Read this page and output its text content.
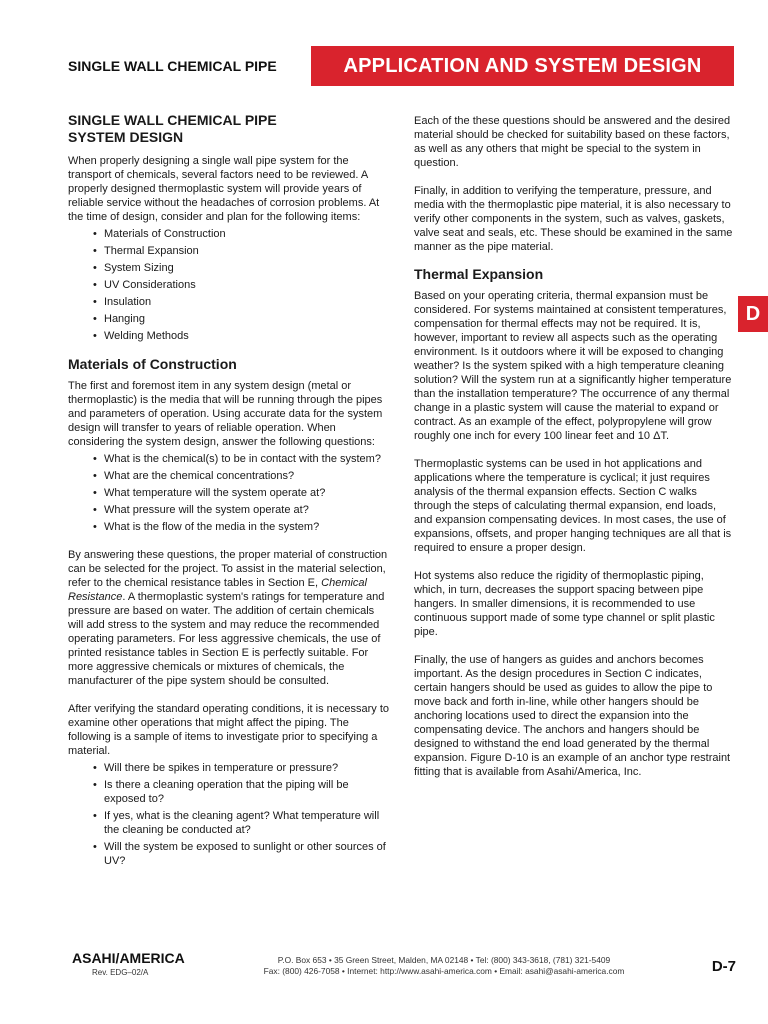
SINGLE WALL CHEMICAL PIPE	APPLICATION AND SYSTEM DESIGN
D
SINGLE WALL CHEMICAL PIPE
SYSTEM DESIGN

When properly designing a single wall pipe system for the transport of chemicals, several factors need to be reviewed. A properly designed thermoplastic system will provide years of reliable service without the headaches of corrosion problems. At the time of design, consider and plan for the following items:

• Materials of Construction
• Thermal Expansion
• System Sizing
• UV Considerations
• Insulation
• Hanging
• Welding Methods
Materials of Construction

The first and foremost item in any system design (metal or thermoplastic) is the media that will be running through the pipes and parameters of operation. Using accurate data for the system design will transfer to years of reliable operation. When considering the system design, answer the following questions:

• What is the chemical(s) to be in contact with the system?
• What are the chemical concentrations?
• What temperature will the system operate at?
• What pressure will the system operate at?
• What is the flow of the media in the system?

By answering these questions, the proper material of construction can be selected for the project. To assist in the material selection, refer to the chemical resistance tables in Section E, Chemical Resistance. A thermoplastic system's ratings for temperature and pressure are based on water. The addition of certain chemicals will add stress to the system and may reduce the recommended operating parameters. For less aggressive chemicals, the use of printed resistance tables in Section E is perfectly suitable. For more aggressive chemicals or mixtures of chemicals, the manufacturer of the pipe system should be consulted.

After verifying the standard operating conditions, it is necessary to examine other operations that might affect the piping. The following is a sample of items to investigate prior to specifying a material.

• Will there be spikes in temperature or pressure?
• Is there a cleaning operation that the piping will be exposed to?
• If yes, what is the cleaning agent? What temperature will the cleaning be conducted at?
• Will the system be exposed to sunlight or other sources of UV?

Each of the these questions should be answered and the desired material should be checked for suitability based on these factors, as well as any others that might be special to the system in question.

Finally, in addition to verifying the temperature, pressure, and media with the thermoplastic pipe material, it is also necessary to verify other components in the system, such as valves, gaskets, valve seat and seals, etc. These should be examined in the same manner as the pipe material.

Thermal Expansion

Based on your operating criteria, thermal expansion must be considered. For systems maintained at consistent temperatures, compensation for thermal effects may not be required. It is, however, important to review all aspects such as the operating environment. Is it outdoors where it will be exposed to changing weather? Is the system spiked with a high temperature cleaning solution? Will the system run at a significantly higher temperature than the installation temperature? The occurrence of any thermal change in a plastic system will cause the material to expand or contract. As an example of the effect, polypropylene will grow roughly one inch for every 100 linear feet and 10 ΔT.

Thermoplastic systems can be used in hot applications and applications where the temperature is cyclical; it just requires analysis of the thermal expansion effects. Section C walks through the steps of calculating thermal expansion, end loads, and expansion compensating devices. In most cases, the use of expansions, offsets, and proper hanging techniques are all that is required to ensure a proper design.

Hot systems also reduce the rigidity of thermoplastic piping, which, in turn, decreases the support spacing between pipe hangers. In smaller dimensions, it is recommended to use continuous support made of some type channel or split plastic pipe.

Finally, the use of hangers as guides and anchors becomes important. As the design procedures in Section C indicates, certain hangers should be used as guides to allow the pipe to move back and forth in-line, while other hangers should be anchoring locations used to direct the expansion into the compensating device. The anchors and hangers should be designed to withstand the end load generated by the thermal expansion. Figure D-10 is an example of an anchor type restraint fitting that is available from Asahi/America, Inc.

ASAHI/AMERICA
Rev. EDG–02/A
P.O. Box 653 • 35 Green Street, Malden, MA 02148 • Tel: (800) 343-3618, (781) 321-5409
Fax: (800) 426-7058 • Internet: http://www.asahi-america.com • Email: asahi@asahi-america.com	D-7
